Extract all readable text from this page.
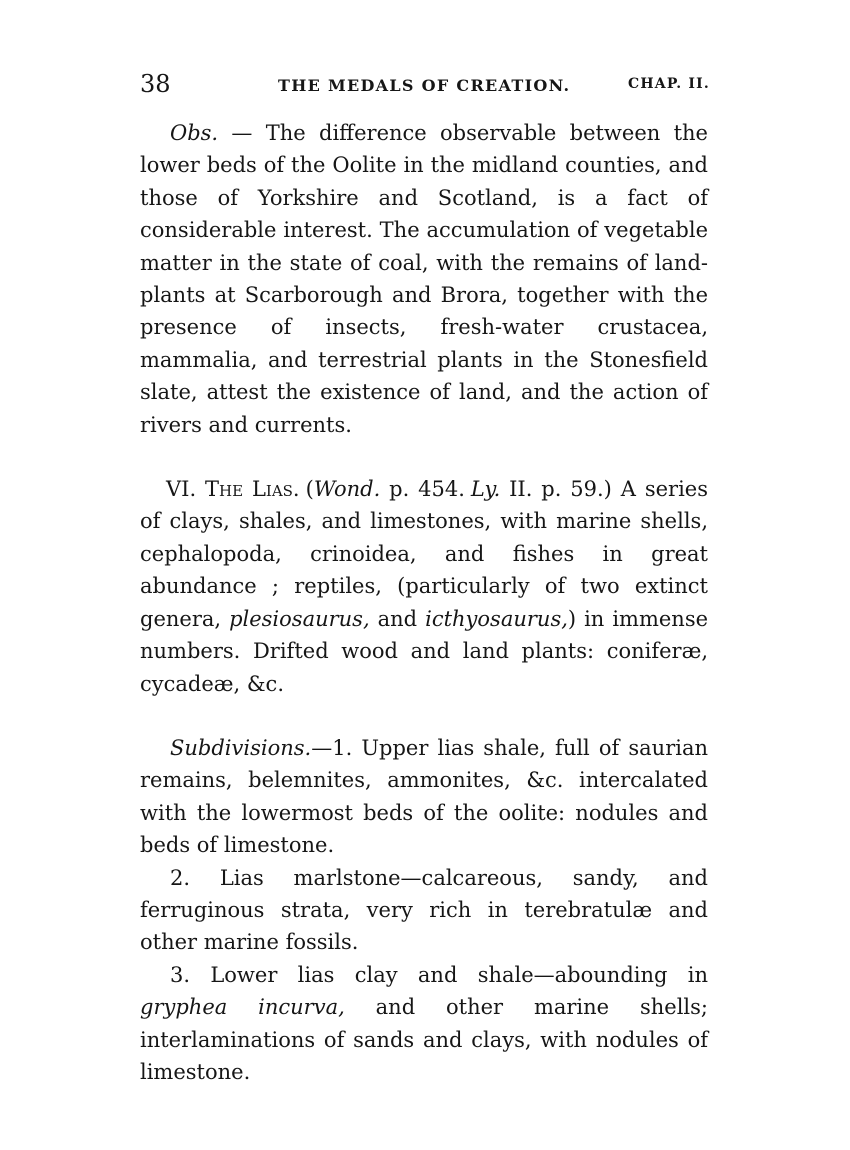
38	THE MEDALS OF CREATION.	CHAP. II.

Obs. — The difference observable between the lower beds of the Oolite in the midland counties, and those of Yorkshire and Scotland, is a fact of considerable interest. The accumulation of vegetable matter in the state of coal, with the remains of land-plants at Scarborough and Brora, together with the presence of insects, fresh-water crustacea, mammalia, and terrestrial plants in the Stonesfield slate, attest the existence of land, and the action of rivers and currents.

VI. The Lias. (Wond. p. 454. Ly. II. p. 59.) A series of clays, shales, and limestones, with marine shells, cephalopoda, crinoidea, and fishes in great abundance ; reptiles, (particularly of two extinct genera, plesiosaurus, and icthyosaurus,) in immense numbers. Drifted wood and land plants: coniferæ, cycadeæ, &c.

Subdivisions.—1. Upper lias shale, full of saurian remains, belemnites, ammonites, &c. intercalated with the lowermost beds of the oolite: nodules and beds of limestone.

2. Lias marlstone—calcareous, sandy, and ferruginous strata, very rich in terebratulæ and other marine fossils.

3. Lower lias clay and shale—abounding in gryphea incurva, and other marine shells; interlaminations of sands and clays, with nodules of limestone.
